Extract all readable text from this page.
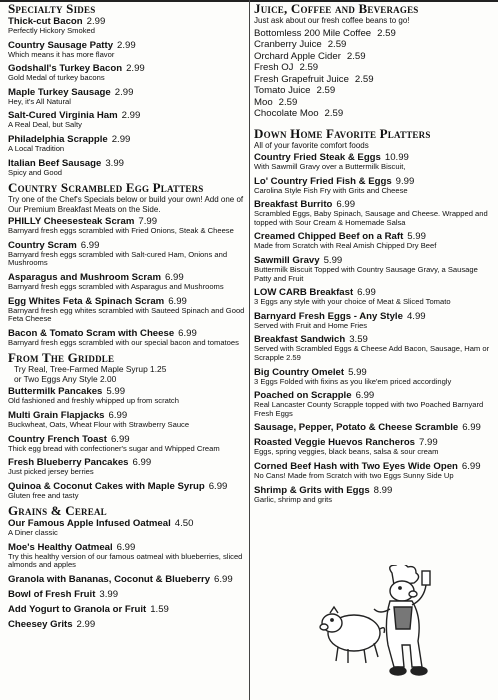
Specialty Sides
Thick-cut Bacon 2.99
Perfectly Hickory Smoked
Country Sausage Patty 2.99
Which means it has more flavor
Godshall's Turkey Bacon 2.99
Gold Medal of turkey bacons
Maple Turkey Sausage 2.99
Hey, it's All Natural
Salt-Cured Virginia Ham 2.99
A Real Deal, but Salty
Philadelphia Scrapple 2.99
A Local Tradition
Italian Beef Sausage 3.99
Spicy and Good
Country Scrambled Egg Platters
Try one of the Chef's Specials below or build your own! Add one of Our Premium Breakfast Meats on the Side.
PHILLY Cheesesteak Scram 7.99
Barnyard fresh eggs scrambled with Fried Onions, Steak & Cheese
Country Scram 6.99
Barnyard fresh eggs scrambled with Salt-cured Ham, Onions and Mushrooms
Asparagus and Mushroom Scram 6.99
Barnyard fresh eggs scrambled with Asparagus and Mushrooms
Egg Whites Feta & Spinach Scram 6.99
Barnyard fresh egg whites scrambled with Sauteed Spinach and Good Feta Cheese
Bacon & Tomato Scram with Cheese 6.99
Barnyard fresh eggs scrambled with our special bacon and tomatoes
From The Griddle
Try Real, Tree-Farmed Maple Syrup 1.25
or Two Eggs Any Style 2.00
Buttermilk Pancakes 5.99
Old fashioned and freshly whipped up from scratch
Multi Grain Flapjacks 6.99
Buckwheat, Oats, Wheat Flour with Strawberry Sauce
Country French Toast 6.99
Thick egg bread with confectioner's sugar and Whipped Cream
Fresh Blueberry Pancakes 6.99
Just picked jersey berries
Quinoa & Coconut Cakes with Maple Syrup 6.99
Gluten free and tasty
Grains & Cereal
Our Famous Apple Infused Oatmeal 4.50
A Diner classic
Moe's Healthy Oatmeal 6.99
Try this healthy version of our famous oatmeal with blueberries, sliced almonds and apples
Granola with Bananas, Coconut & Blueberry 6.99
Bowl of Fresh Fruit 3.99
Add Yogurt to Granola or Fruit 1.59
Cheesey Grits 2.99
Juice, Coffee and Beverages
Just ask about our fresh coffee beans to go!
Bottomless 200 Mile Coffee 2.59
Cranberry Juice 2.59
Orchard Apple Cider 2.59
Fresh OJ 2.59
Fresh Grapefruit Juice 2.59
Tomato Juice 2.59
Moo 2.59
Chocolate Moo 2.59
Down Home Favorite Platters
All of your favorite comfort foods
Country Fried Steak & Eggs 10.99
With Sawmill Gravy over a Buttermilk Biscuit,
Lo' Country Fried Fish & Eggs 9.99
Carolina Style Fish Fry with Grits and Cheese
Breakfast Burrito 6.99
Scrambled Eggs, Baby Spinach, Sausage and Cheese. Wrapped and topped with Sour Cream & Homemade Salsa
Creamed Chipped Beef on a Raft 5.99
Made from Scratch with Real Amish Chipped Dry Beef
Sawmill Gravy 5.99
Buttermilk Biscuit Topped with Country Sausage Gravy, a Sausage Patty and Fruit
LOW CARB Breakfast 6.99
3 Eggs any style with your choice of Meat & Sliced Tomato
Barnyard Fresh Eggs - Any Style 4.99
Served with Fruit and Home Fries
Breakfast Sandwich 3.59
Served with Scrambled Eggs & Cheese Add Bacon, Sausage, Ham or Scrapple 2.59
Big Country Omelet 5.99
3 Eggs Folded with fixins as you like'em priced accordingly
Poached on Scrapple 6.99
Real Lancaster County Scrapple topped with two Poached Barnyard Fresh Eggs
Sausage, Pepper, Potato & Cheese Scramble 6.99
Roasted Veggie Huevos Rancheros 7.99
Eggs, spring veggies, black beans, salsa & sour cream
Corned Beef Hash with Two Eyes Wide Open 6.99
No Cans! Made from Scratch with two Eggs Sunny Side Up
Shrimp & Grits with Eggs 8.99
Garlic, shrimp and grits
